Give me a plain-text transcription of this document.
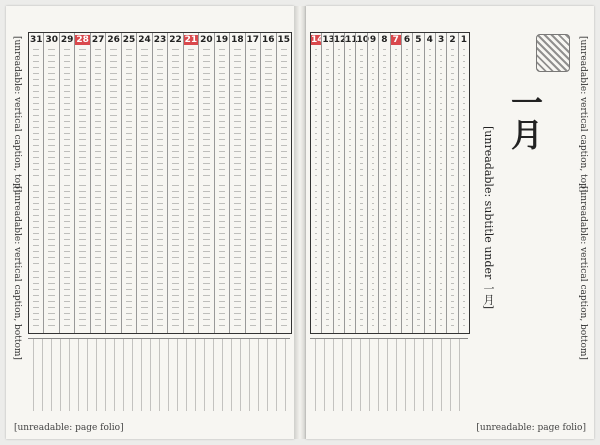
[unreadable: vertical caption, top]
[unreadable: vertical caption, bottom]
31 30 29 28 27 26 25 24 23 22 21 20 19 18 17 16 15
[unreadable: page folio]
14
13
12
11
10 9 8 7 6 5 4 3 2 1
一月
[unreadable: subtitle under 一月]
[unreadable: vertical caption, top]
[unreadable: vertical caption, bottom]
[unreadable: page folio]
